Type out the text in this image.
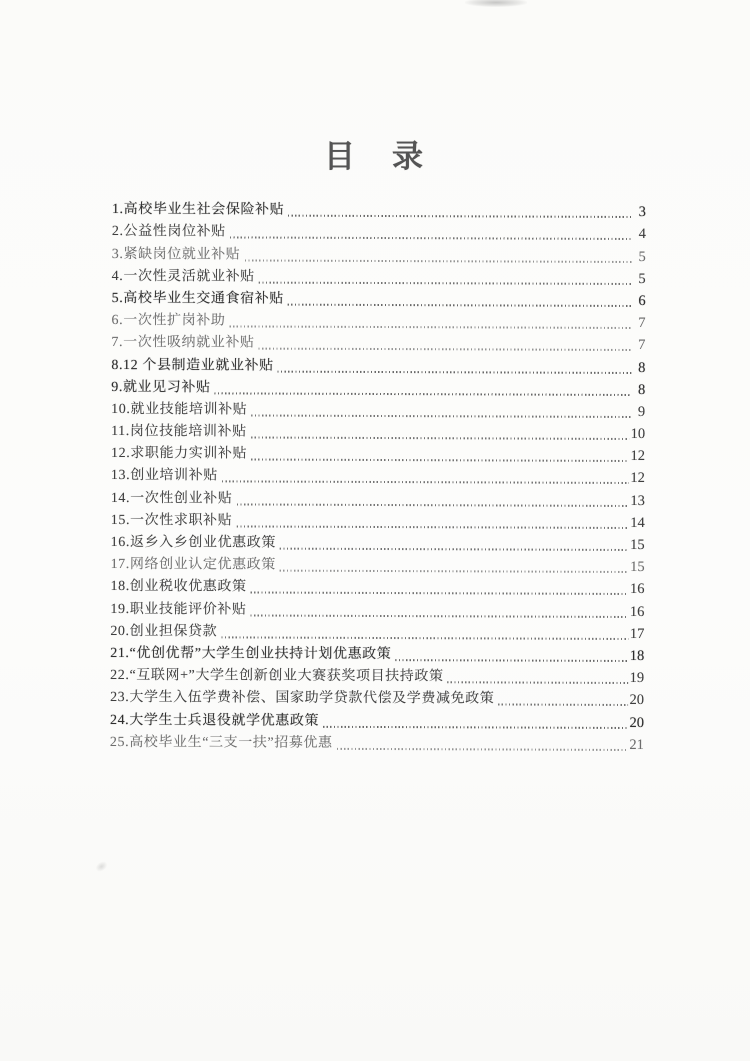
目　录
1.高校毕业生社会保险补贴	3
2.公益性岗位补贴	4
3.紧缺岗位就业补贴	5
4.一次性灵活就业补贴	5
5.高校毕业生交通食宿补贴	6
6.一次性扩岗补助	7
7.一次性吸纳就业补贴	7
8.12 个县制造业就业补贴	8
9.就业见习补贴	8
10.就业技能培训补贴	9
11.岗位技能培训补贴	10
12.求职能力实训补贴	12
13.创业培训补贴	12
14.一次性创业补贴	13
15.一次性求职补贴	14
16.返乡入乡创业优惠政策	15
17.网络创业认定优惠政策	15
18.创业税收优惠政策	16
19.职业技能评价补贴	16
20.创业担保贷款	17
21.“优创优帮”大学生创业扶持计划优惠政策	18
22.“互联网+”大学生创新创业大赛获奖项目扶持政策	19
23.大学生入伍学费补偿、国家助学贷款代偿及学费减免政策	20
24.大学生士兵退役就学优惠政策	20
25.高校毕业生“三支一扶”招募优惠	21
